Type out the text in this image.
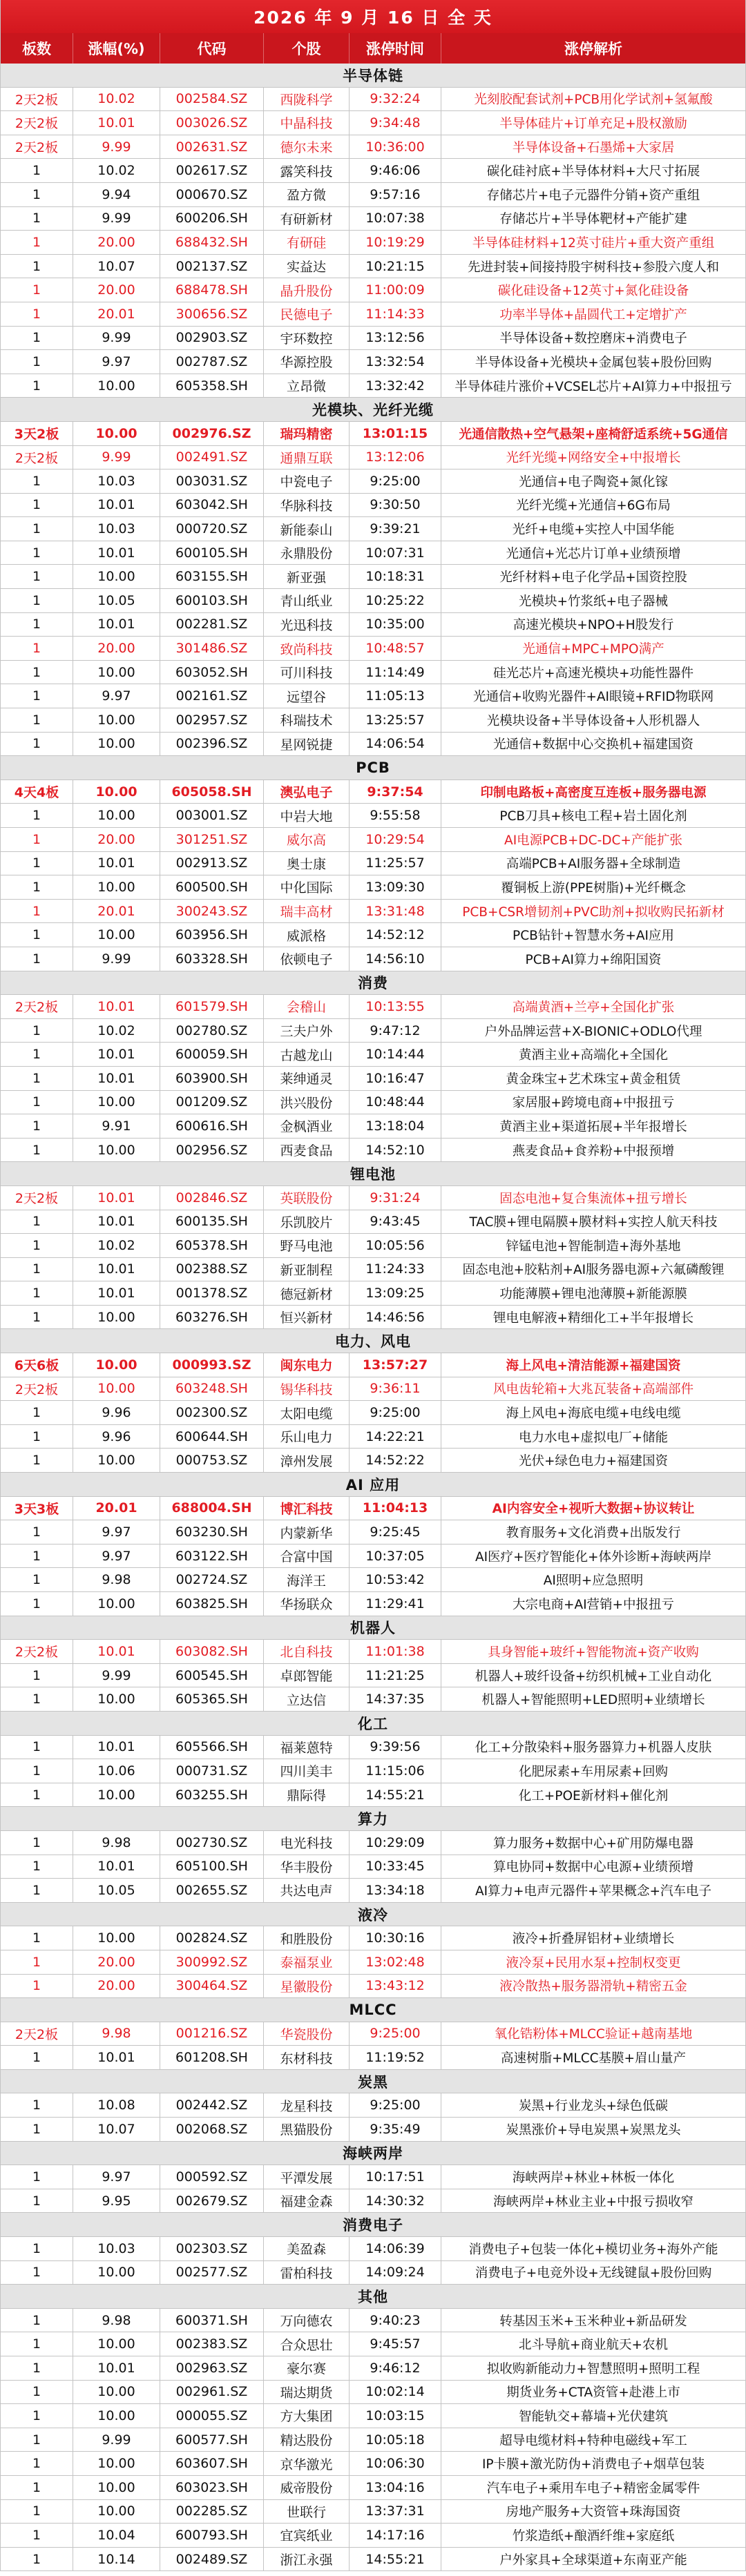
2026 年 9 月 16 日 全 天
板数	涨幅(%)	代码	个股	涨停时间	涨停解析
半导体链
2天2板	10.02	002584.SZ	西陇科学	9:32:24	光刻胶配套试剂+PCB用化学试剂+氢氟酸
2天2板	10.01	003026.SZ	中晶科技	9:34:48	半导体硅片+订单充足+股权激励
2天2板	9.99	002631.SZ	德尔未来	10:36:00	半导体设备+石墨烯+大家居
1	10.02	002617.SZ	露笑科技	9:46:06	碳化硅衬底+半导体材料+大尺寸拓展
1	9.94	000670.SZ	盈方微	9:57:16	存储芯片+电子元器件分销+资产重组
1	9.99	600206.SH	有研新材	10:07:38	存储芯片+半导体靶材+产能扩建
1	20.00	688432.SH	有研硅	10:19:29	半导体硅材料+12英寸硅片+重大资产重组
1	10.07	002137.SZ	实益达	10:21:15	先进封装+间接持股宇树科技+参股六度人和
1	20.00	688478.SH	晶升股份	11:00:09	碳化硅设备+12英寸+氮化硅设备
1	20.01	300656.SZ	民德电子	11:14:33	功率半导体+晶圆代工+定增扩产
1	9.99	002903.SZ	宇环数控	13:12:56	半导体设备+数控磨床+消费电子
1	9.97	002787.SZ	华源控股	13:32:54	半导体设备+光模块+金属包装+股份回购
1	10.00	605358.SH	立昂微	13:32:42	半导体硅片涨价+VCSEL芯片+AI算力+中报扭亏
光模块、光纤光缆
3天2板	10.00	002976.SZ	瑞玛精密	13:01:15	光通信散热+空气悬架+座椅舒适系统+5G通信
2天2板	9.99	002491.SZ	通鼎互联	13:12:06	光纤光缆+网络安全+中报增长
1	10.03	003031.SZ	中瓷电子	9:25:00	光通信+电子陶瓷+氮化镓
1	10.01	603042.SH	华脉科技	9:30:50	光纤光缆+光通信+6G布局
1	10.03	000720.SZ	新能泰山	9:39:21	光纤+电缆+实控人中国华能
1	10.01	600105.SH	永鼎股份	10:07:31	光通信+光芯片订单+业绩预增
1	10.00	603155.SH	新亚强	10:18:31	光纤材料+电子化学品+国资控股
1	10.05	600103.SH	青山纸业	10:25:22	光模块+竹浆纸+电子器械
1	10.01	002281.SZ	光迅科技	10:35:00	高速光模块+NPO+H股发行
1	20.00	301486.SZ	致尚科技	10:48:57	光通信+MPC+MPO满产
1	10.00	603052.SH	可川科技	11:14:49	硅光芯片+高速光模块+功能性器件
1	9.97	002161.SZ	远望谷	11:05:13	光通信+收购光器件+AI眼镜+RFID物联网
1	10.00	002957.SZ	科瑞技术	13:25:57	光模块设备+半导体设备+人形机器人
1	10.00	002396.SZ	星网锐捷	14:06:54	光通信+数据中心交换机+福建国资
PCB
4天4板	10.00	605058.SH	澳弘电子	9:37:54	印制电路板+高密度互连板+服务器电源
1	10.00	003001.SZ	中岩大地	9:55:58	PCB刀具+核电工程+岩土固化剂
1	20.00	301251.SZ	威尔高	10:29:54	AI电源PCB+DC-DC+产能扩张
1	10.01	002913.SZ	奥士康	11:25:57	高端PCB+AI服务器+全球制造
1	10.00	600500.SH	中化国际	13:09:30	覆铜板上游(PPE树脂)+光纤概念
1	20.01	300243.SZ	瑞丰高材	13:31:48	PCB+CSR增韧剂+PVC助剂+拟收购民拓新材
1	10.00	603956.SH	威派格	14:52:12	PCB钻针+智慧水务+AI应用
1	9.99	603328.SH	依顿电子	14:56:10	PCB+AI算力+绵阳国资
消费
2天2板	10.01	601579.SH	会稽山	10:13:55	高端黄酒+兰亭+全国化扩张
1	10.02	002780.SZ	三夫户外	9:47:12	户外品牌运营+X-BIONIC+ODLO代理
1	10.01	600059.SH	古越龙山	10:14:44	黄酒主业+高端化+全国化
1	10.01	603900.SH	莱绅通灵	10:16:47	黄金珠宝+艺术珠宝+黄金租赁
1	10.00	001209.SZ	洪兴股份	10:48:44	家居服+跨境电商+中报扭亏
1	9.91	600616.SH	金枫酒业	13:18:04	黄酒主业+渠道拓展+半年报增长
1	10.00	002956.SZ	西麦食品	14:52:10	燕麦食品+食养粉+中报预增
锂电池
2天2板	10.01	002846.SZ	英联股份	9:31:24	固态电池+复合集流体+扭亏增长
1	10.01	600135.SH	乐凯胶片	9:43:45	TAC膜+锂电隔膜+膜材料+实控人航天科技
1	10.02	605378.SH	野马电池	10:05:56	锌锰电池+智能制造+海外基地
1	10.01	002388.SZ	新亚制程	11:24:33	固态电池+胶粘剂+AI服务器电源+六氟磷酸锂
1	10.01	001378.SZ	德冠新材	13:09:25	功能薄膜+锂电池薄膜+新能源膜
1	10.00	603276.SH	恒兴新材	14:46:56	锂电电解液+精细化工+半年报增长
电力、风电
6天6板	10.00	000993.SZ	闽东电力	13:57:27	海上风电+清洁能源+福建国资
2天2板	10.00	603248.SH	锡华科技	9:36:11	风电齿轮箱+大兆瓦装备+高端部件
1	9.96	002300.SZ	太阳电缆	9:25:00	海上风电+海底电缆+电线电缆
1	9.96	600644.SH	乐山电力	14:22:21	电力水电+虚拟电厂+储能
1	10.00	000753.SZ	漳州发展	14:52:22	光伏+绿色电力+福建国资
AI 应用
3天3板	20.01	688004.SH	博汇科技	11:04:13	AI内容安全+视听大数据+协议转让
1	9.97	603230.SH	内蒙新华	9:25:45	教育服务+文化消费+出版发行
1	9.97	603122.SH	合富中国	10:37:05	AI医疗+医疗智能化+体外诊断+海峡两岸
1	9.98	002724.SZ	海洋王	10:53:42	AI照明+应急照明
1	10.00	603825.SH	华扬联众	11:29:41	大宗电商+AI营销+中报扭亏
机器人
2天2板	10.01	603082.SH	北自科技	11:01:38	具身智能+玻纤+智能物流+资产收购
1	9.99	600545.SH	卓郎智能	11:21:25	机器人+玻纤设备+纺织机械+工业自动化
1	10.00	605365.SH	立达信	14:37:35	机器人+智能照明+LED照明+业绩增长
化工
1	10.01	605566.SH	福莱蒽特	9:39:56	化工+分散染料+服务器算力+机器人皮肤
1	10.06	000731.SZ	四川美丰	11:15:06	化肥尿素+车用尿素+回购
1	10.00	603255.SH	鼎际得	14:55:21	化工+POE新材料+催化剂
算力
1	9.98	002730.SZ	电光科技	10:29:09	算力服务+数据中心+矿用防爆电器
1	10.01	605100.SH	华丰股份	10:33:45	算电协同+数据中心电源+业绩预增
1	10.05	002655.SZ	共达电声	13:34:18	AI算力+电声元器件+苹果概念+汽车电子
液冷
1	10.00	002824.SZ	和胜股份	10:30:16	液冷+折叠屏铝材+业绩增长
1	20.00	300992.SZ	泰福泵业	13:02:48	液冷泵+民用水泵+控制权变更
1	20.00	300464.SZ	星徽股份	13:43:12	液冷散热+服务器滑轨+精密五金
MLCC
2天2板	9.98	001216.SZ	华瓷股份	9:25:00	氧化锆粉体+MLCC验证+越南基地
1	10.01	601208.SH	东材科技	11:19:52	高速树脂+MLCC基膜+眉山量产
炭黑
1	10.08	002442.SZ	龙星科技	9:25:00	炭黑+行业龙头+绿色低碳
1	10.07	002068.SZ	黑猫股份	9:35:49	炭黑涨价+导电炭黑+炭黑龙头
海峡两岸
1	9.97	000592.SZ	平潭发展	10:17:51	海峡两岸+林业+林板一体化
1	9.95	002679.SZ	福建金森	14:30:32	海峡两岸+林业主业+中报亏损收窄
消费电子
1	10.03	002303.SZ	美盈森	14:06:39	消费电子+包装一体化+模切业务+海外产能
1	10.00	002577.SZ	雷柏科技	14:09:24	消费电子+电竞外设+无线键鼠+股份回购
其他
1	9.98	600371.SH	万向德农	9:40:23	转基因玉米+玉米种业+新品研发
1	10.00	002383.SZ	合众思壮	9:45:57	北斗导航+商业航天+农机
1	10.01	002963.SZ	豪尔赛	9:46:12	拟收购新能动力+智慧照明+照明工程
1	10.00	002961.SZ	瑞达期货	10:02:14	期货业务+CTA资管+赴港上市
1	10.00	000055.SZ	方大集团	10:03:15	智能轨交+幕墙+光伏建筑
1	9.99	600577.SH	精达股份	10:05:18	超导电缆材料+特种电磁线+军工
1	10.00	603607.SH	京华激光	10:06:30	IP卡膜+激光防伪+消费电子+烟草包装
1	10.00	603023.SH	威帝股份	13:04:16	汽车电子+乘用车电子+精密金属零件
1	10.00	002285.SZ	世联行	13:37:31	房地产服务+大资管+珠海国资
1	10.04	600793.SH	宜宾纸业	14:17:16	竹浆造纸+酿酒纤维+家庭纸
1	10.14	002489.SZ	浙江永强	14:55:21	户外家具+全球渠道+东南亚产能
